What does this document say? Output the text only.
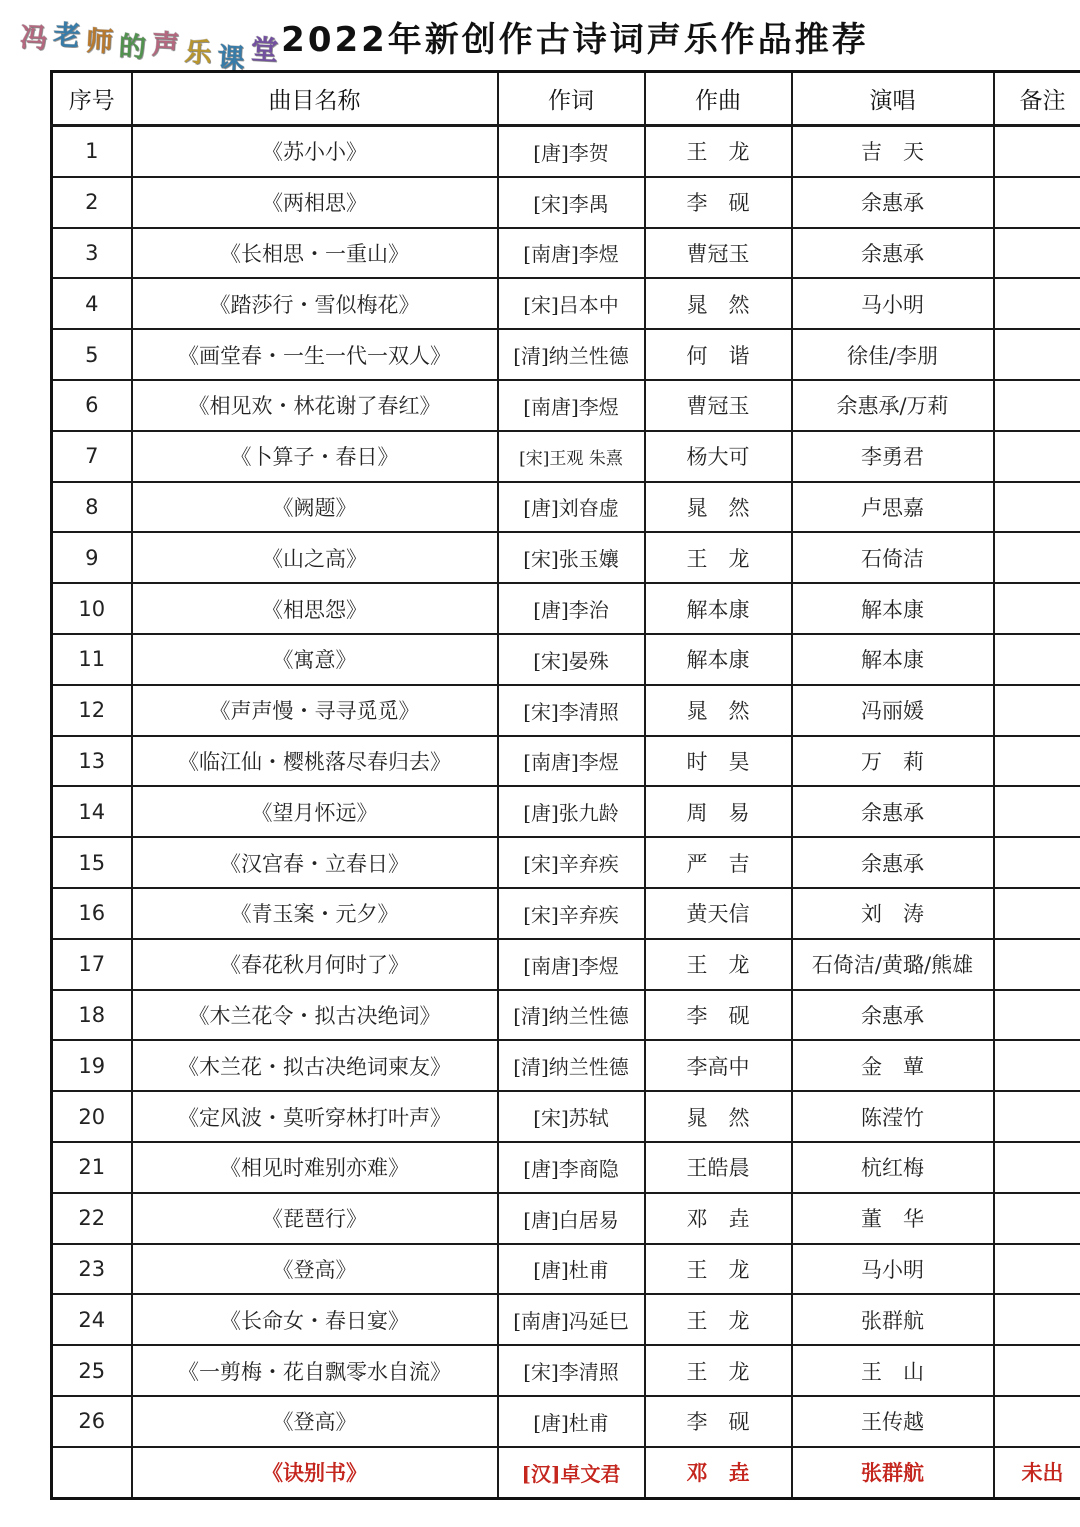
2022年新创作古诗词声乐作品推荐
冯 老 师 的 声 乐 课 堂
序号	曲目名称	作词	作曲	演唱	备注
1	《苏小小》	[唐]李贺	王　龙	吉　天	
2	《两相思》	[宋]李禺	李　砚	余惠承	
3	《长相思・一重山》	[南唐]李煜	曹冠玉	余惠承	
4	《踏莎行・雪似梅花》	[宋]吕本中	晁　然	马小明	
5	《画堂春・一生一代一双人》	[清]纳兰性德	何　谐	徐佳/李朋	
6	《相见欢・林花谢了春红》	[南唐]李煜	曹冠玉	余惠承/万莉	
7	《卜算子・春日》	[宋]王观 朱熹	杨大可	李勇君	
8	《阙题》	[唐]刘昚虚	晁　然	卢思嘉	
9	《山之高》	[宋]张玉孃	王　龙	石倚洁	
10	《相思怨》	[唐]李治	解本康	解本康	
11	《寓意》	[宋]晏殊	解本康	解本康	
12	《声声慢・寻寻觅觅》	[宋]李清照	晁　然	冯丽媛	
13	《临江仙・樱桃落尽春归去》	[南唐]李煜	时　昊	万　莉	
14	《望月怀远》	[唐]张九龄	周　易	余惠承	
15	《汉宫春・立春日》	[宋]辛弃疾	严　吉	余惠承	
16	《青玉案・元夕》	[宋]辛弃疾	黄天信	刘　涛	
17	《春花秋月何时了》	[南唐]李煜	王　龙	石倚洁/黄璐/熊雄	
18	《木兰花令・拟古决绝词》	[清]纳兰性德	李　砚	余惠承	
19	《木兰花・拟古决绝词柬友》	[清]纳兰性德	李高中	金　蕇	
20	《定风波・莫听穿林打叶声》	[宋]苏轼	晁　然	陈滢竹	
21	《相见时难别亦难》	[唐]李商隐	王皓晨	杭红梅	
22	《琵琶行》	[唐]白居易	邓　垚	董　华	
23	《登高》	[唐]杜甫	王　龙	马小明	
24	《长命女・春日宴》	[南唐]冯延巳	王　龙	张群航	
25	《一剪梅・花自飘零水自流》	[宋]李清照	王　龙	王　山	
26	《登高》	[唐]杜甫	李　砚	王传越	
	《诀别书》	[汉]卓文君	邓　垚	张群航	未出
